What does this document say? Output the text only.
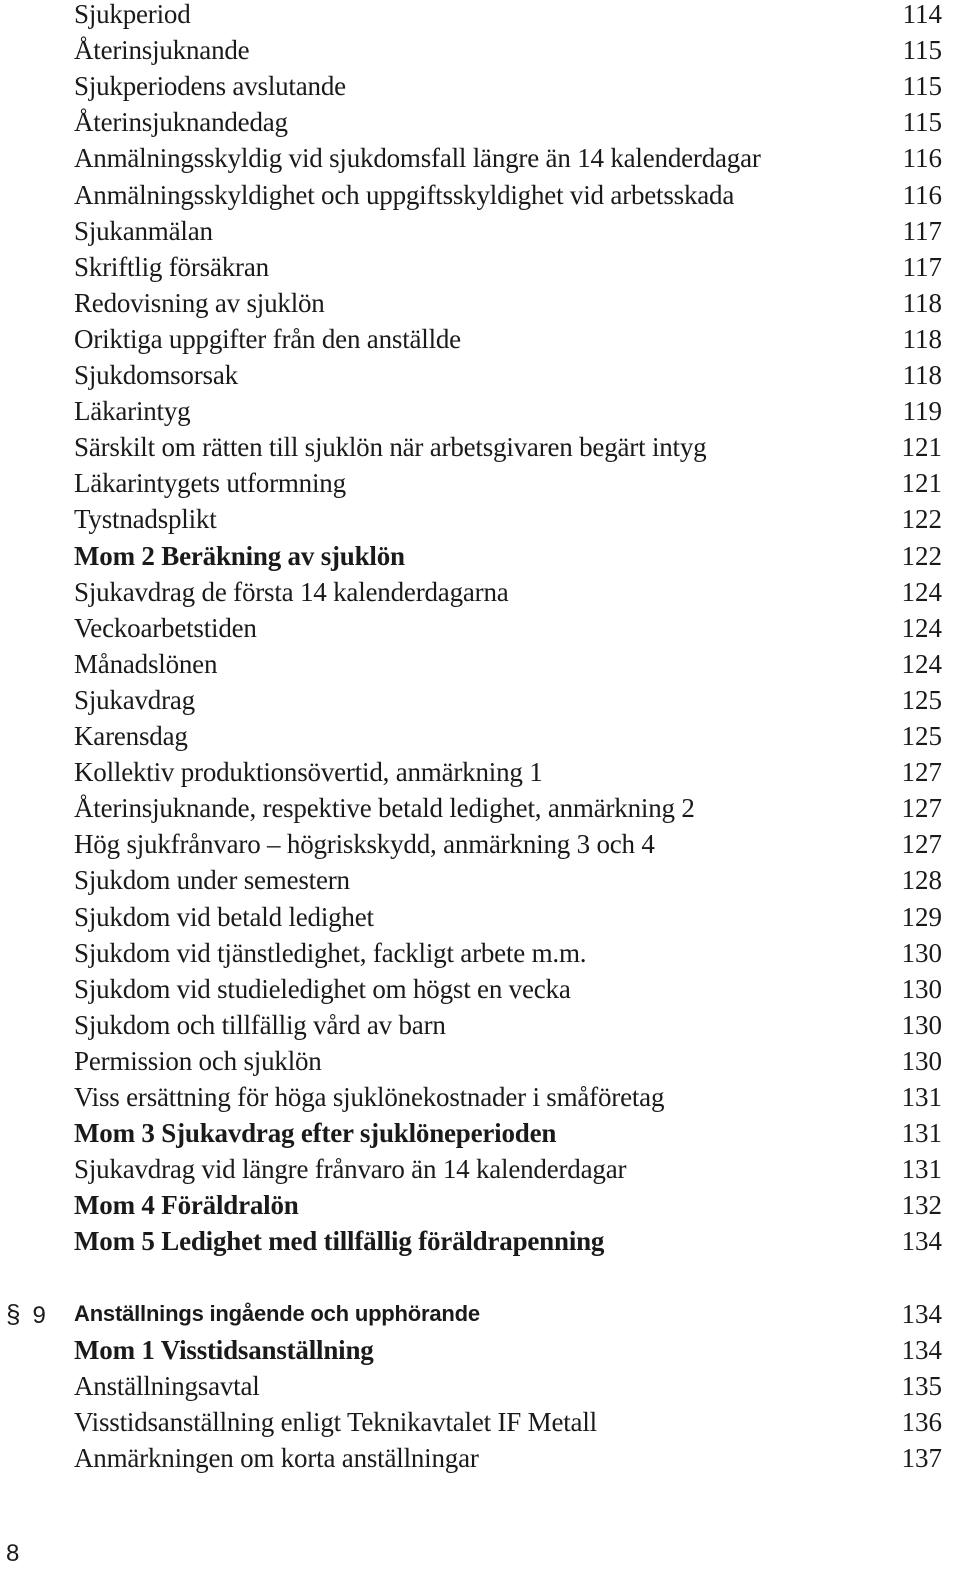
Sjukperiod	114
Återinsjuknande	115
Sjukperiodens avslutande	115
Återinsjuknandedag	115
Anmälningsskyldig vid sjukdomsfall längre än 14 kalenderdagar	116
Anmälningsskyldighet och uppgiftsskyldighet vid arbetsskada	116
Sjukanmälan	117
Skriftlig försäkran	117
Redovisning av sjuklön	118
Oriktiga uppgifter från den anställde	118
Sjukdomsorsak	118
Läkarintyg	119
Särskilt om rätten till sjuklön när arbetsgivaren begärt intyg	121
Läkarintygets utformning	121
Tystnadsplikt	122
Mom 2 Beräkning av sjuklön	122
Sjukavdrag de första 14 kalenderdagarna	124
Veckoarbetstiden	124
Månadslönen	124
Sjukavdrag	125
Karensdag	125
Kollektiv produktionsövertid, anmärkning 1	127
Återinsjuknande, respektive betald ledighet, anmärkning 2	127
Hög sjukfrånvaro – högriskskydd, anmärkning 3 och 4	127
Sjukdom under semestern	128
Sjukdom vid betald ledighet	129
Sjukdom vid tjänstledighet, fackligt arbete m.m.	130
Sjukdom vid studieledighet om högst en vecka	130
Sjukdom och tillfällig vård av barn	130
Permission och sjuklön	130
Viss ersättning för höga sjuklönekostnader i småföretag	131
Mom 3 Sjukavdrag efter sjuklöneperioden	131
Sjukavdrag vid längre frånvaro än 14 kalenderdagar	131
Mom 4 Föräldralön	132
Mom 5 Ledighet med tillfällig föräldrapenning	134
§ 9 Anställnings ingående och upphörande	134
Mom 1 Visstidsanställning	134
Anställningsavtal	135
Visstidsanställning enligt Teknikavtalet IF Metall	136
Anmärkningen om korta anställningar	137
8
